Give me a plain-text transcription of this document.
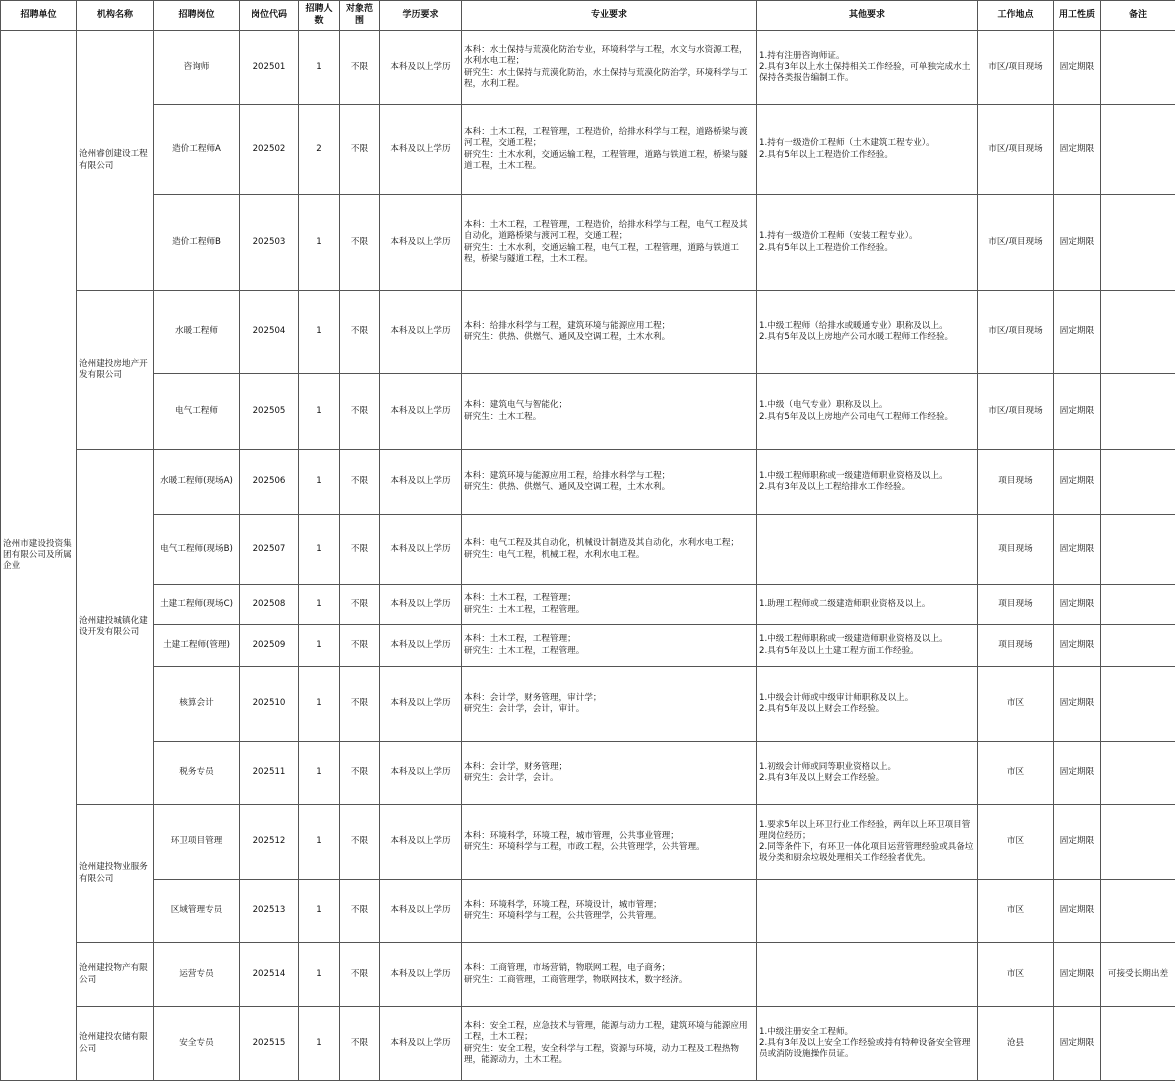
招聘单位	机构名称	招聘岗位	岗位代码	招聘人数	对象范围	学历要求	专业要求	其他要求	工作地点	用工性质	备注
沧州市建设投资集团有限公司及所属企业	沧州睿创建设工程有限公司	咨询师	202501	1	不限	本科及以上学历	本科：水土保持与荒漠化防治专业，环境科学与工程，水文与水资源工程，水利水电工程；
研究生：水土保持与荒漠化防治，水土保持与荒漠化防治学，环境科学与工程，水利工程。	1.持有注册咨询师证。
2.具有3年以上水土保持相关工作经验，可单独完成水土保持各类报告编制工作。	市区/项目现场	固定期限	
		造价工程师A	202502	2	不限	本科及以上学历	本科：土木工程，工程管理，工程造价，给排水科学与工程，道路桥梁与渡河工程，交通工程；
研究生：土木水利，交通运输工程，工程管理，道路与铁道工程，桥梁与隧道工程，土木工程。	1.持有一级造价工程师（土木建筑工程专业）。
2.具有5年以上工程造价工作经验。	市区/项目现场	固定期限	
		造价工程师B	202503	1	不限	本科及以上学历	本科：土木工程，工程管理，工程造价，给排水科学与工程，电气工程及其自动化，道路桥梁与渡河工程，交通工程；
研究生：土木水利，交通运输工程，电气工程，工程管理，道路与铁道工程，桥梁与隧道工程，土木工程。	1.持有一级造价工程师（安装工程专业）。
2.具有5年以上工程造价工作经验。	市区/项目现场	固定期限	
	沧州建投房地产开发有限公司	水暖工程师	202504	1	不限	本科及以上学历	本科：给排水科学与工程，建筑环境与能源应用工程；
研究生：供热、供燃气、通风及空调工程，土木水利。	1.中级工程师（给排水或暖通专业）职称及以上。
2.具有5年及以上房地产公司水暖工程师工作经验。	市区/项目现场	固定期限	
		电气工程师	202505	1	不限	本科及以上学历	本科：建筑电气与智能化；
研究生：土木工程。	1.中级（电气专业）职称及以上。
2.具有5年及以上房地产公司电气工程师工作经验。	市区/项目现场	固定期限	
	沧州建投城镇化建设开发有限公司	水暖工程师(现场A)	202506	1	不限	本科及以上学历	本科：建筑环境与能源应用工程，给排水科学与工程；
研究生：供热、供燃气、通风及空调工程，土木水利。	1.中级工程师职称或一级建造师职业资格及以上。
2.具有3年及以上工程给排水工作经验。	项目现场	固定期限	
		电气工程师(现场B)	202507	1	不限	本科及以上学历	本科：电气工程及其自动化，机械设计制造及其自动化，水利水电工程；
研究生：电气工程，机械工程，水利水电工程。		项目现场	固定期限	
		土建工程师(现场C)	202508	1	不限	本科及以上学历	本科：土木工程，工程管理；
研究生：土木工程，工程管理。	1.助理工程师或二级建造师职业资格及以上。	项目现场	固定期限	
		土建工程师(管理)	202509	1	不限	本科及以上学历	本科：土木工程，工程管理；
研究生：土木工程，工程管理。	1.中级工程师职称或一级建造师职业资格及以上。
2.具有5年及以上土建工程方面工作经验。	项目现场	固定期限	
		核算会计	202510	1	不限	本科及以上学历	本科：会计学，财务管理，审计学；
研究生：会计学，会计，审计。	1.中级会计师或中级审计师职称及以上。
2.具有5年及以上财会工作经验。	市区	固定期限	
		税务专员	202511	1	不限	本科及以上学历	本科：会计学，财务管理；
研究生：会计学，会计。	1.初级会计师或同等职业资格以上。
2.具有3年及以上财会工作经验。	市区	固定期限	
	沧州建投物业服务有限公司	环卫项目管理	202512	1	不限	本科及以上学历	本科：环境科学，环境工程，城市管理，公共事业管理；
研究生：环境科学与工程，市政工程，公共管理学，公共管理。	1.要求5年以上环卫行业工作经验，两年以上环卫项目管理岗位经历；
2.同等条件下，有环卫一体化项目运营管理经验或具备垃圾分类和厨余垃圾处理相关工作经验者优先。	市区	固定期限	
		区域管理专员	202513	1	不限	本科及以上学历	本科：环境科学，环境工程，环境设计，城市管理；
研究生：环境科学与工程，公共管理学，公共管理。		市区	固定期限	
	沧州建投物产有限公司	运营专员	202514	1	不限	本科及以上学历	本科：工商管理，市场营销，物联网工程，电子商务；
研究生：工商管理，工商管理学，物联网技术，数字经济。		市区	固定期限	可接受长期出差
	沧州建投农储有限公司	安全专员	202515	1	不限	本科及以上学历	本科：安全工程，应急技术与管理，能源与动力工程，建筑环境与能源应用工程，土木工程；
研究生：安全工程，安全科学与工程，资源与环境，动力工程及工程热物理，能源动力，土木工程。	1.中级注册安全工程师。
2.具有3年及以上安全工作经验或持有特种设备安全管理员或消防设施操作员证。	沧县	固定期限	
